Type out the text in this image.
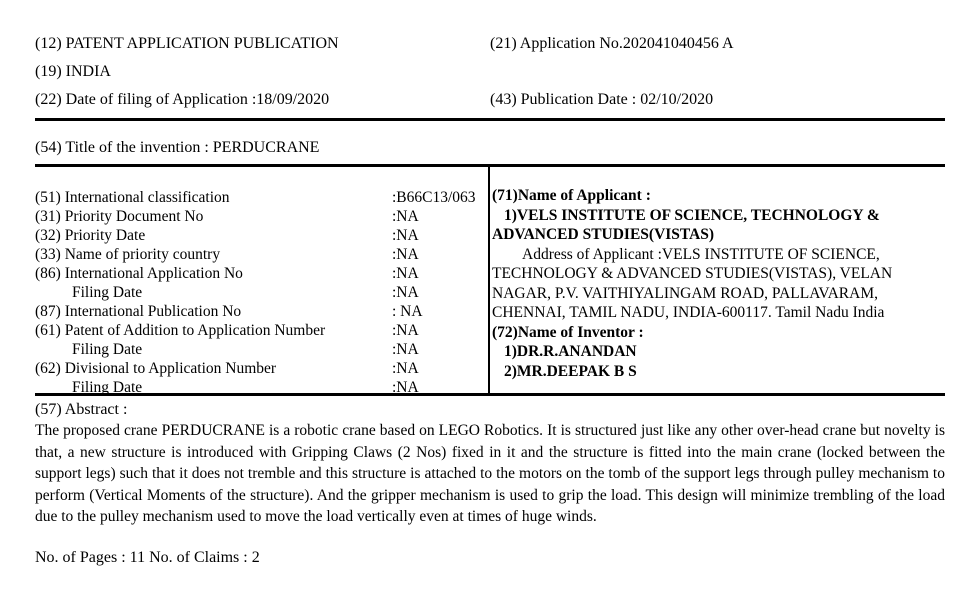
(12) PATENT APPLICATION PUBLICATION	(21) Application No.202041040456 A
(19) INDIA
(22) Date of filing of Application :18/09/2020	(43) Publication Date : 02/10/2020
(54) Title of the invention : PERDUCRANE
(51) International classification	:B66C13/063
(31) Priority Document No	:NA
(32) Priority Date	:NA
(33) Name of priority country	:NA
(86) International Application No	:NA
Filing Date	:NA
(87) International Publication No	: NA
(61) Patent of Addition to Application Number	:NA
Filing Date	:NA
(62) Divisional to Application Number	:NA
Filing Date	:NA
(71)Name of Applicant :
1)VELS INSTITUTE OF SCIENCE, TECHNOLOGY &
ADVANCED STUDIES(VISTAS)
Address of Applicant :VELS INSTITUTE OF SCIENCE,
TECHNOLOGY & ADVANCED STUDIES(VISTAS), VELAN
NAGAR, P.V. VAITHIYALINGAM ROAD, PALLAVARAM,
CHENNAI, TAMIL NADU, INDIA-600117. Tamil Nadu India
(72)Name of Inventor :
1)DR.R.ANANDAN
2)MR.DEEPAK B S
(57) Abstract :

The proposed crane PERDUCRANE is a robotic crane based on LEGO Robotics. It is structured just like any other over-head crane but novelty is that, a new structure is introduced with Gripping Claws (2 Nos) fixed in it and the structure is fitted into the main crane (locked between the support legs) such that it does not tremble and this structure is attached to the motors on the tomb of the support legs through pulley mechanism to perform (Vertical Moments of the structure). And the gripper mechanism is used to grip the load. This design will minimize trembling of the load due to the pulley mechanism used to move the load vertically even at times of huge winds.

No. of Pages : 11 No. of Claims : 2
